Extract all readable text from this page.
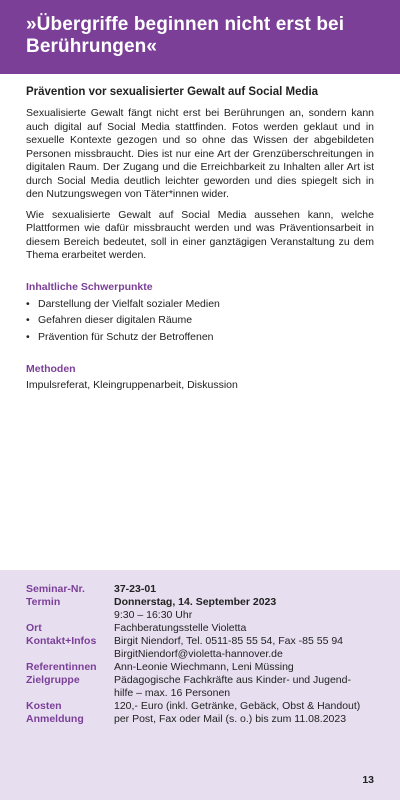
»Übergriffe beginnen nicht erst bei Berührungen«

Prävention vor sexualisierter Gewalt auf Social Media

Sexualisierte Gewalt fängt nicht erst bei Berührungen an, sondern kann auch digital auf Social Media stattfinden. Fotos werden geklaut und in sexuelle Kontexte gezogen und so ohne das Wissen der abgebildeten Personen missbraucht. Dies ist nur eine Art der Grenzüberschreitungen in digitalen Raum. Der Zugang und die Erreichbarkeit zu Inhalten aller Art ist durch Social Media deutlich leichter geworden und dies spiegelt sich in den Nutzungswegen von Täter*innen wider.

Wie sexualisierte Gewalt auf Social Media aussehen kann, welche Plattformen wie dafür missbraucht werden und was Präventionsarbeit in diesem Bereich bedeutet, soll in einer ganztägigen Veranstaltung zu dem Thema erarbeitet werden.

Inhaltliche Schwerpunkte
• Darstellung der Vielfalt sozialer Medien
• Gefahren dieser digitalen Räume
• Prävention für Schutz der Betroffenen
Methoden

Impulsreferat, Kleingruppenarbeit, Diskussion

Seminar-Nr.	37-23-01
Termin	Donnerstag, 14. September 2023
9:30 – 16:30 Uhr
Ort	Fachberatungsstelle Violetta
Kontakt+Infos	Birgit Niendorf, Tel. 0511-85 55 54, Fax -85 55 94
BirgitNiendorf@violetta-hannover.de
Referentinnen	Ann-Leonie Wiechmann, Leni Müssing
Zielgruppe	Pädagogische Fachkräfte aus Kinder- und Jugend-
hilfe – max. 16 Personen
Kosten	120,- Euro (inkl. Getränke, Gebäck, Obst & Handout)
Anmeldung	per Post, Fax oder Mail (s. o.) bis zum 11.08.2023
13
